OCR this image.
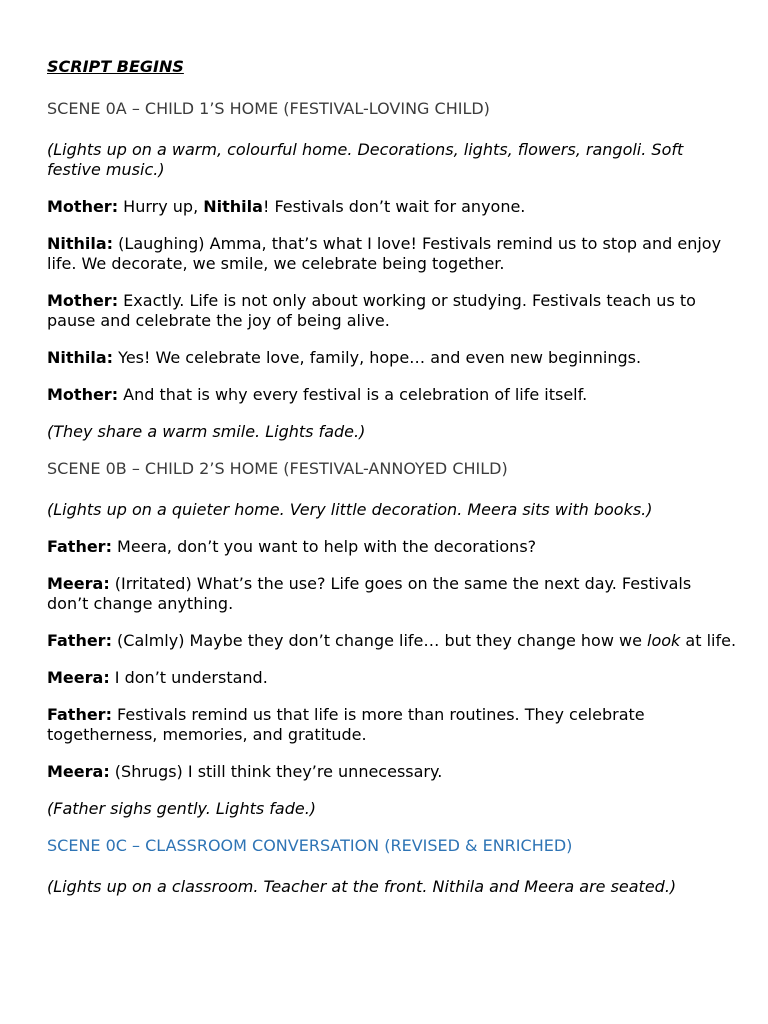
SCRIPT BEGINS
SCENE 0A – CHILD 1’S HOME (FESTIVAL-LOVING CHILD)
(Lights up on a warm, colourful home. Decorations, lights, flowers, rangoli. Soft festive music.)
Mother: Hurry up, Nithila! Festivals don’t wait for anyone.
Nithila: (Laughing) Amma, that’s what I love! Festivals remind us to stop and enjoy life. We decorate, we smile, we celebrate being together.
Mother: Exactly. Life is not only about working or studying. Festivals teach us to pause and celebrate the joy of being alive.
Nithila: Yes! We celebrate love, family, hope… and even new beginnings.
Mother: And that is why every festival is a celebration of life itself.
(They share a warm smile. Lights fade.)
SCENE 0B – CHILD 2’S HOME (FESTIVAL-ANNOYED CHILD)
(Lights up on a quieter home. Very little decoration. Meera sits with books.)
Father: Meera, don’t you want to help with the decorations?
Meera: (Irritated) What’s the use? Life goes on the same the next day. Festivals don’t change anything.
Father: (Calmly) Maybe they don’t change life… but they change how we look at life.
Meera: I don’t understand.
Father: Festivals remind us that life is more than routines. They celebrate togetherness, memories, and gratitude.
Meera: (Shrugs) I still think they’re unnecessary.
(Father sighs gently. Lights fade.)
SCENE 0C – CLASSROOM CONVERSATION (REVISED & ENRICHED)
(Lights up on a classroom. Teacher at the front. Nithila and Meera are seated.)
